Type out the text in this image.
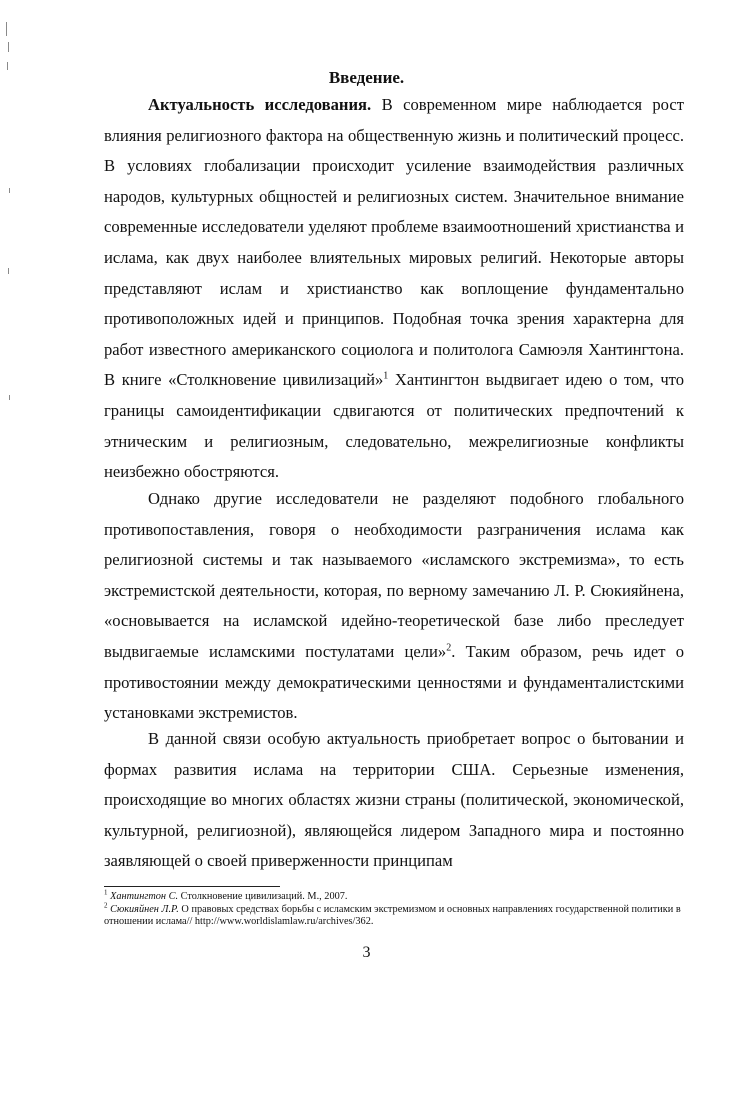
Введение.

Актуальность исследования. В современном мире наблюдается рост влияния религиозного фактора на общественную жизнь и политический процесс. В условиях глобализации происходит усиление взаимодействия различных народов, культурных общностей и религиозных систем. Значительное внимание современные исследователи уделяют проблеме взаимоотношений христианства и ислама, как двух наиболее влиятельных мировых религий. Некоторые авторы представляют ислам и христианство как воплощение фундаментально противоположных идей и принципов. Подобная точка зрения характерна для работ известного американского социолога и политолога Самюэля Хантингтона. В книге «Столкновение цивилизаций»$^1$ Хантингтон выдвигает идею о том, что границы самоидентификации сдвигаются от политических предпочтений к этническим и религиозным, следовательно, межрелигиозные конфликты неизбежно обостряются.

Однако другие исследователи не разделяют подобного глобального противопоставления, говоря о необходимости разграничения ислама как религиозной системы и так называемого «исламского экстремизма», то есть экстремистской деятельности, которая, по верному замечанию Л. Р. Сюкияйнена, «основывается на исламской идейно-теоретической базе либо преследует выдвигаемые исламскими постулатами цели»$^2$. Таким образом, речь идет о противостоянии между демократическими ценностями и фундаменталистскими установками экстремистов.

В данной связи особую актуальность приобретает вопрос о бытовании и формах развития ислама на территории США. Серьезные изменения, происходящие во многих областях жизни страны (политической, экономической, культурной, религиозной), являющейся лидером Западного мира и постоянно заявляющей о своей приверженности принципам

$^1$ Хантингтон С. Столкновение цивилизаций. М., 2007.

$^2$ Сюкияйнен Л.Р. О правовых средствах борьбы с исламским экстремизмом и основных направлениях государственной политики в отношении ислама// http://www.worldislamlaw.ru/archives/362.

3
